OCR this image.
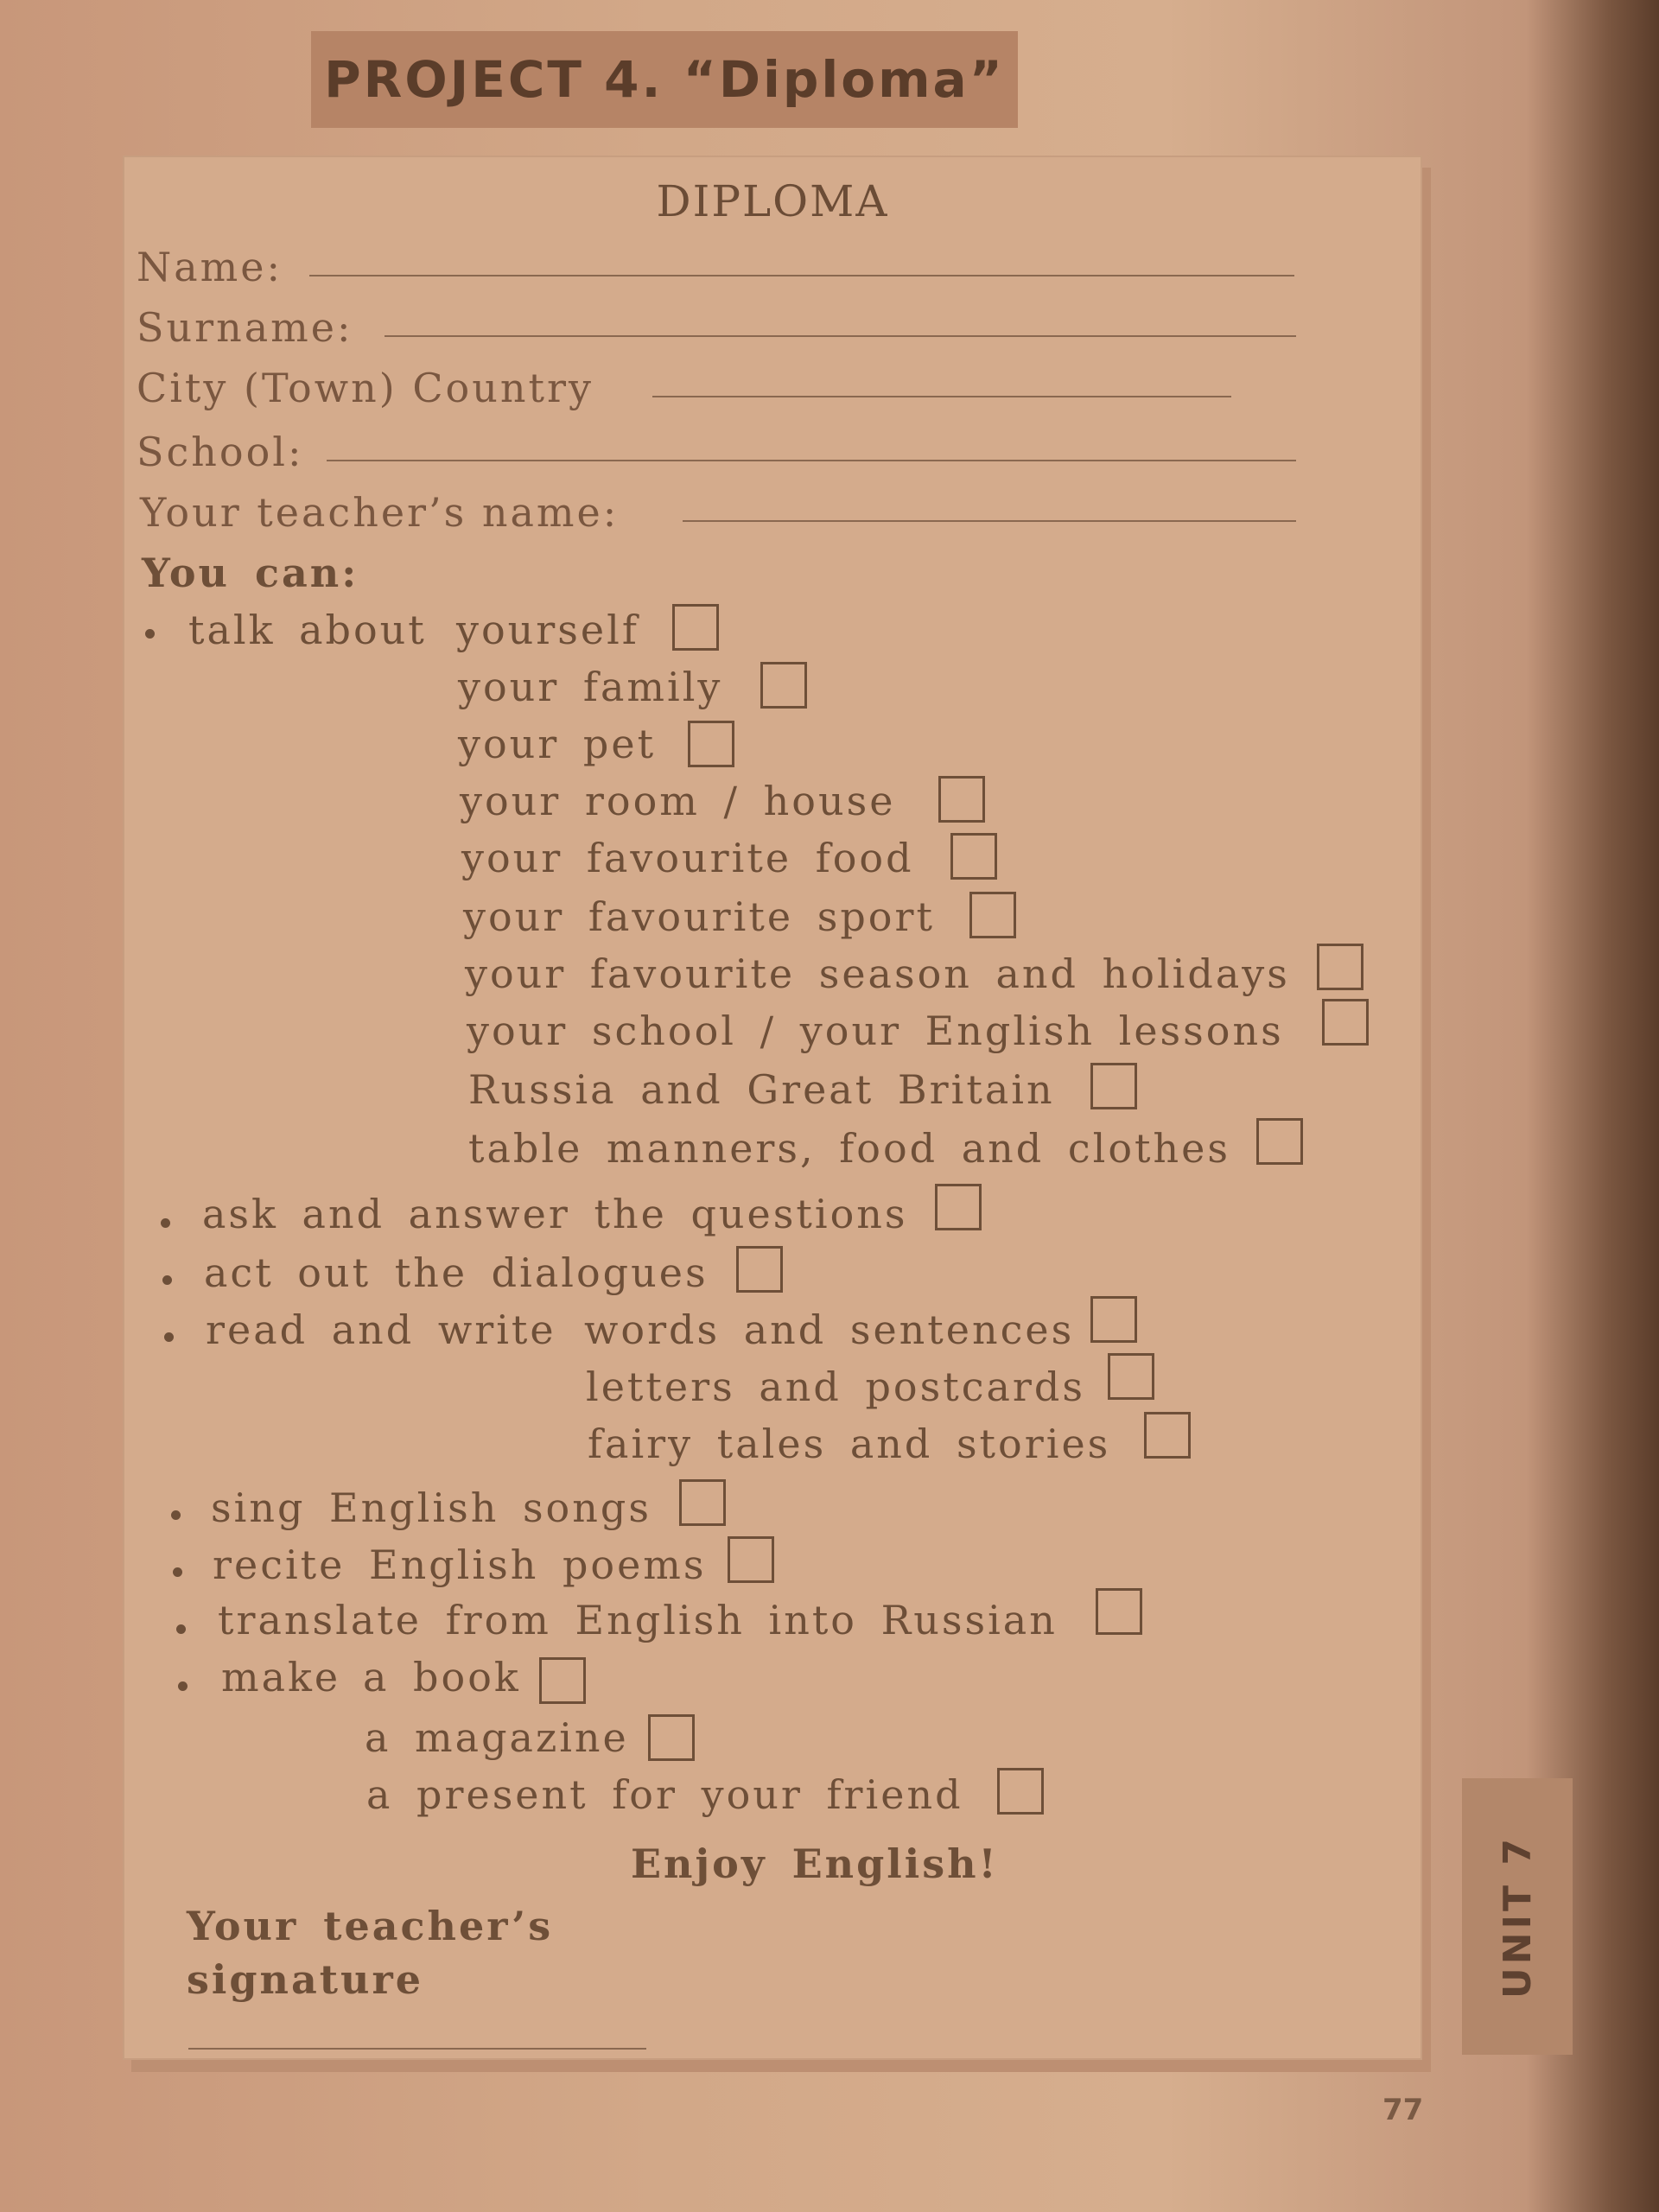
PROJECT 4. “Diploma”
DIPLOMA
Name:
Surname:
City (Town) Country
School:
Your teacher’s name:
You can:
talk about yourself
your family
your pet
your room / house
your favourite food
your favourite sport
your favourite season and holidays
your school / your English lessons
Russia and Great Britain
table manners, food and clothes
ask and answer the questions
act out the dialogues
read and write words and sentences
letters and postcards
fairy tales and stories
sing English songs
recite English poems
translate from English into Russian
make a book
a magazine
a present for your friend
Enjoy English!
Your teacher’s
signature	UNIT 7
77
